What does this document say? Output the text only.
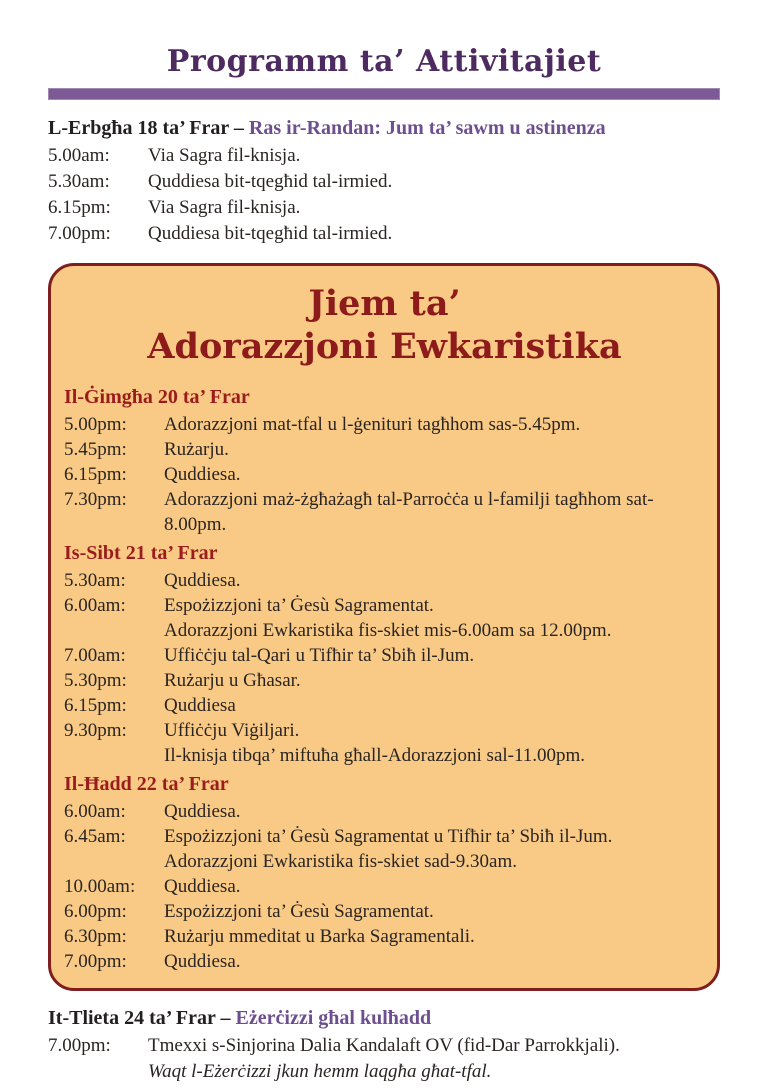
Programm ta’ Attivitajiet
L-Erbgħa 18 ta’ Frar – Ras ir-Randan: Jum ta’ sawm u astinenza
5.00am:	Via Sagra fil-knisja.
5.30am:	Quddiesa bit-tqegħid tal-irmied.
6.15pm:	Via Sagra fil-knisja.
7.00pm:	Quddiesa bit-tqegħid tal-irmied.
Jiem ta’
Adorazzjoni Ewkaristika
Il-Ġimgħa 20 ta’ Frar
5.00pm:	Adorazzjoni mat-tfal u l-ġenituri tagħhom sas-5.45pm.
5.45pm:	Rużarju.
6.15pm:	Quddiesa.
7.30pm:	Adorazzjoni maż-żgħażagħ tal-Parroċċa u l-familji tagħhom sat-8.00pm.
Is-Sibt 21 ta’ Frar
5.30am:	Quddiesa.
6.00am:	Espożizzjoni ta’ Ġesù Sagramentat.
Adorazzjoni Ewkaristika fis-skiet mis-6.00am sa 12.00pm.
7.00am:	Uffiċċju tal-Qari u Tifħir ta’ Sbiħ il-Jum.
5.30pm:	Rużarju u Għasar.
6.15pm:	Quddiesa
9.30pm:	Uffiċċju Viġiljari.
Il-knisja tibqa’ miftuħa għall-Adorazzjoni sal-11.00pm.
Il-Ħadd 22 ta’ Frar
6.00am:	Quddiesa.
6.45am:	Espożizzjoni ta’ Ġesù Sagramentat u Tifħir ta’ Sbiħ il-Jum.
Adorazzjoni Ewkaristika fis-skiet sad-9.30am.
10.00am:	Quddiesa.
6.00pm:	Espożizzjoni ta’ Ġesù Sagramentat.
6.30pm:	Rużarju mmeditat u Barka Sagramentali.
7.00pm:	Quddiesa.
It-Tlieta 24 ta’ Frar – Eżerċizzi għal kulħadd
7.00pm:	Tmexxi s-Sinjorina Dalia Kandalaft OV (fid-Dar Parrokkjali).
Waqt l-Eżerċizzi jkun hemm laqgħa għat-tfal.
